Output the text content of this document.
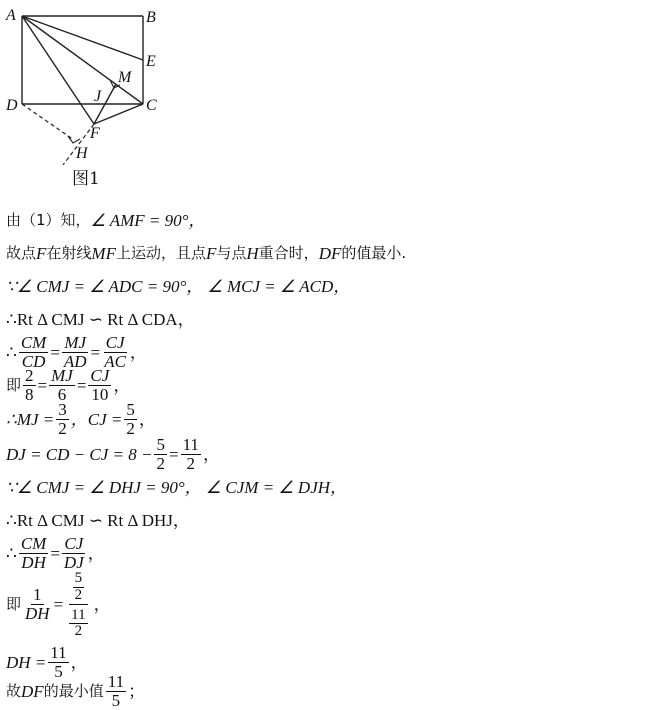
A	B
E
M
J
C
D
F
H
图1
由（1）知， ∠ AMF = 90°，
故点 F 在射线 MF 上运动，且点 F 与点 H 重合时， DF 的值最小.
∵∠ CMJ = ∠ ADC = 90°， ∠ MCJ = ∠ ACD，
∴Rt Δ CMJ ∽ Rt Δ CDA，
∴ $\frac{CM}{CD} = \frac{MJ}{AD} = \frac{CJ}{AC}$ ，
即 $\frac{2}{8} = \frac{MJ}{6} = \frac{CJ}{10}$ ，
∴MJ = $\frac{3}{2}$ ，CJ = $\frac{5}{2}$ ，
DJ = CD − CJ = $8 - \frac{5}{2} = \frac{11}{2}$ ，
∵∠ CMJ = ∠ DHJ = 90°， ∠ CJM = ∠ DJH，
∴Rt Δ CMJ ∽ Rt Δ DHJ，
∴ $\frac{CM}{DH} = \frac{CJ}{DJ}$ ，
即 $\frac{1}{DH} = \frac{\frac{5}{2}}{\frac{11}{2}}$ ，
DH = $\frac{11}{5}$ ，
故 DF 的最小值 $\frac{11}{5}$ ；
